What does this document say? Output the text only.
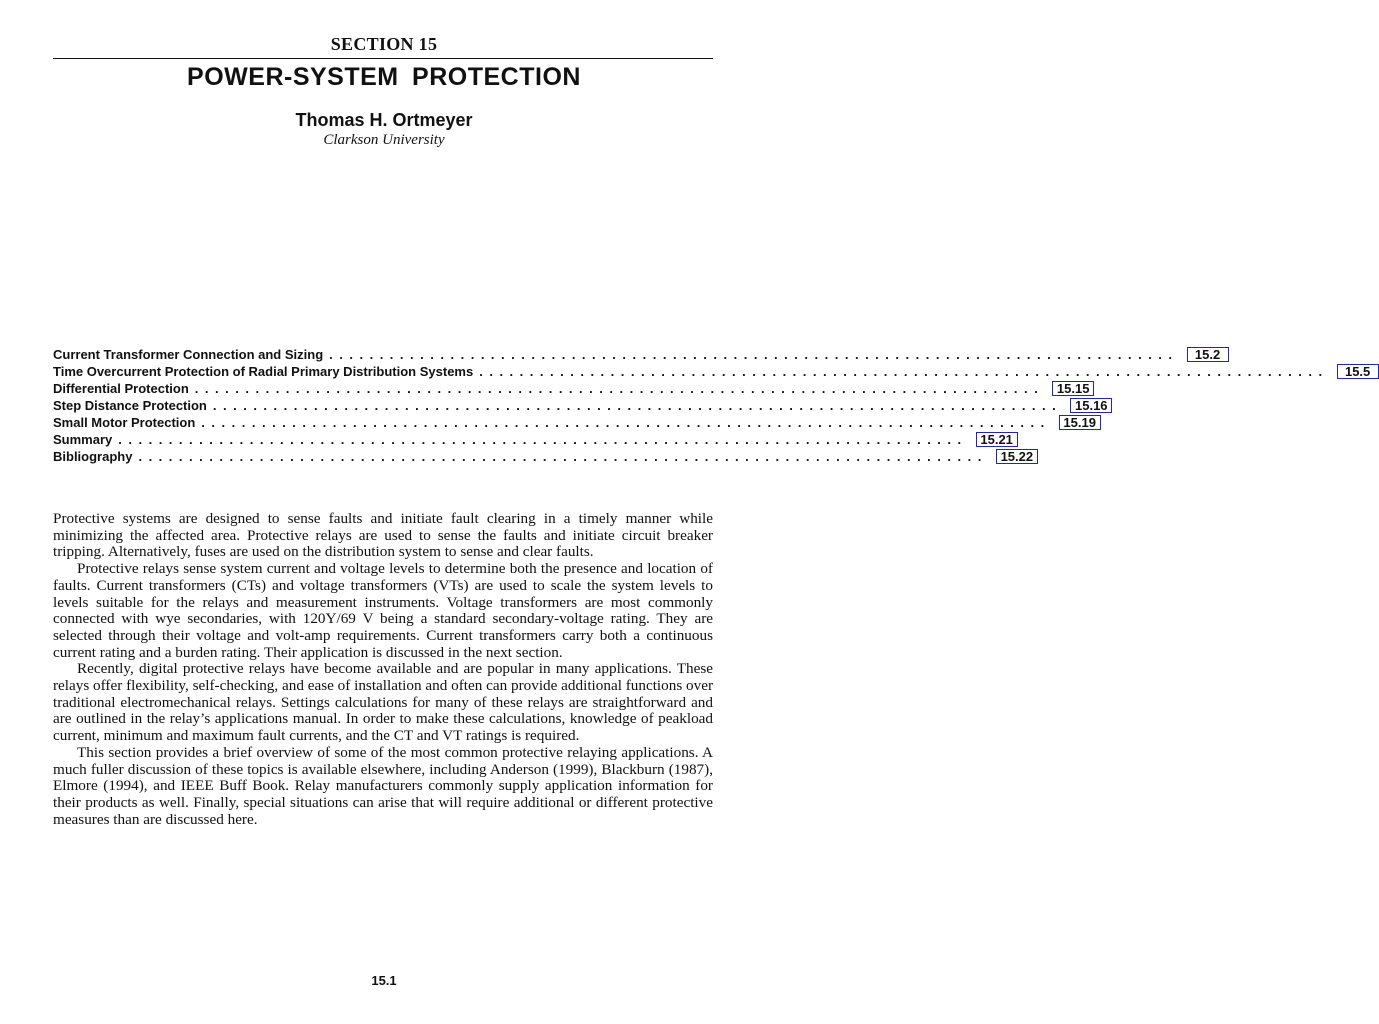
SECTION 15
POWER-SYSTEM PROTECTION
Thomas H. Ortmeyer
Clarkson University
Current Transformer Connection and Sizing ....................................................................................	15.2
Time Overcurrent Protection of Radial Primary Distribution Systems ....................................................................................	15.5
Differential Protection .................................................................................... 15.15
Step Distance Protection .................................................................................... 15.16
Small Motor Protection .................................................................................... 15.19
Summary .................................................................................... 15.21
Bibliography .................................................................................... 15.22

Protective systems are designed to sense faults and initiate fault clearing in a timely manner while minimizing the affected area. Protective relays are used to sense the faults and initiate circuit breaker tripping. Alternatively, fuses are used on the distribution system to sense and clear faults.

Protective relays sense system current and voltage levels to determine both the presence and location of faults. Current transformers (CTs) and voltage transformers (VTs) are used to scale the system levels to levels suitable for the relays and measurement instruments. Voltage transformers are most commonly connected with wye secondaries, with 120Y/69 V being a standard secondary-voltage rating. They are selected through their voltage and volt-amp requirements. Current transformers carry both a continuous current rating and a burden rating. Their application is discussed in the next section.

Recently, digital protective relays have become available and are popular in many applications. These relays offer flexibility, self-checking, and ease of installation and often can provide additional functions over traditional electromechanical relays. Settings calculations for many of these relays are straightforward and are outlined in the relay’s applications manual. In order to make these calculations, knowledge of peakload current, minimum and maximum fault currents, and the CT and VT ratings is required.

This section provides a brief overview of some of the most common protective relaying applications. A much fuller discussion of these topics is available elsewhere, including Anderson (1999), Blackburn (1987), Elmore (1994), and IEEE Buff Book. Relay manufacturers commonly supply application information for their products as well. Finally, special situations can arise that will require additional or different protective measures than are discussed here.

15.1
